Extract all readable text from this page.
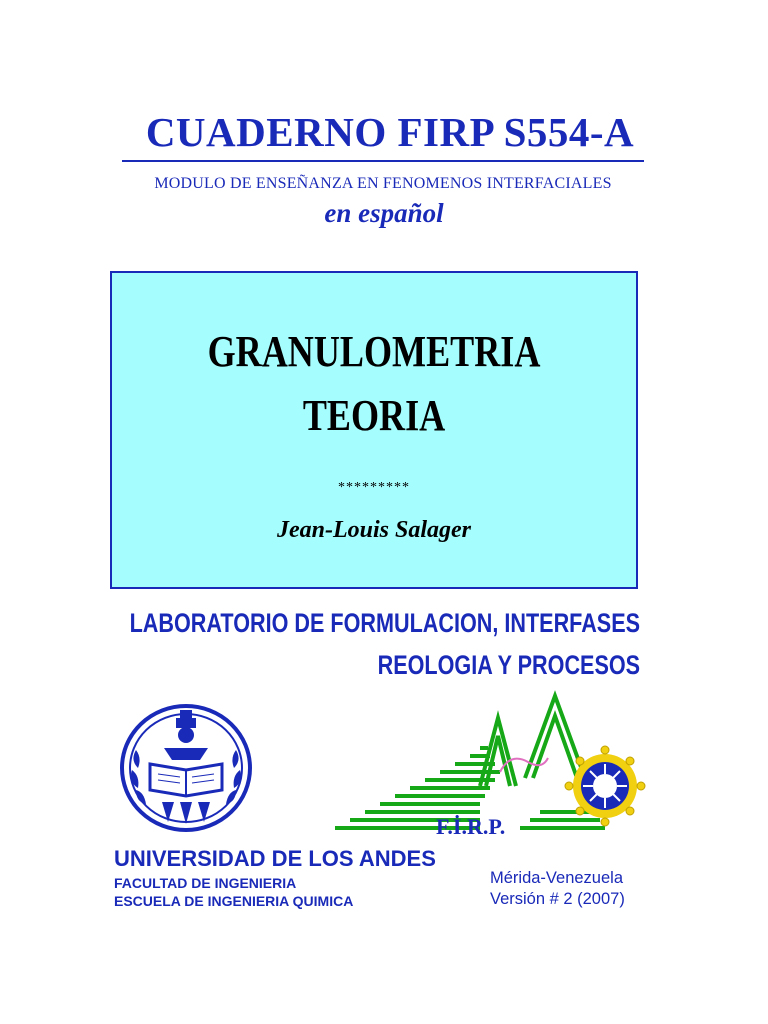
CUADERNO FIRP S554-A
MODULO DE ENSEÑANZA EN FENOMENOS INTERFACIALES
en español
GRANULOMETRIA
TEORIA
*********
Jean-Louis Salager
LABORATORIO DE FORMULACION, INTERFASES
REOLOGIA Y PROCESOS
F.İ.R.P.
UNIVERSIDAD DE LOS ANDES
FACULTAD DE INGENIERIA
ESCUELA DE INGENIERIA QUIMICA
Mérida-Venezuela
Versión # 2 (2007)
